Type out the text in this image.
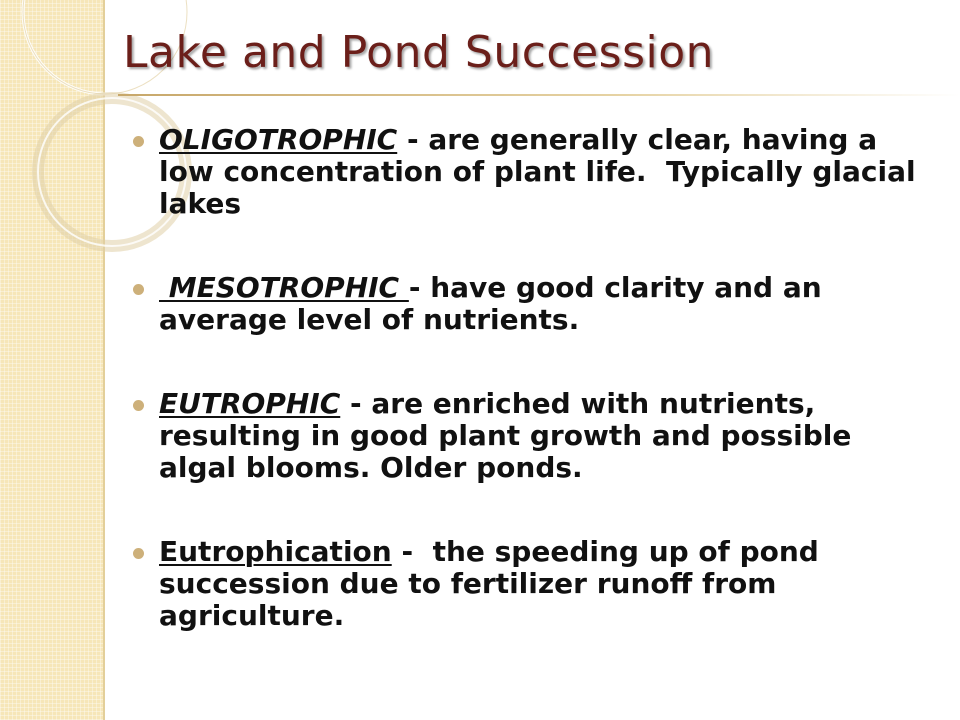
Lake and Pond Succession
OLIGOTROPHIC - are generally clear, having a low concentration of plant life.  Typically glacial lakes
MESOTROPHIC - have good clarity and an average level of nutrients.
EUTROPHIC - are enriched with nutrients, resulting in good plant growth and possible algal blooms. Older ponds.
Eutrophication -  the speeding up of pond succession due to fertilizer runoff from agriculture.
